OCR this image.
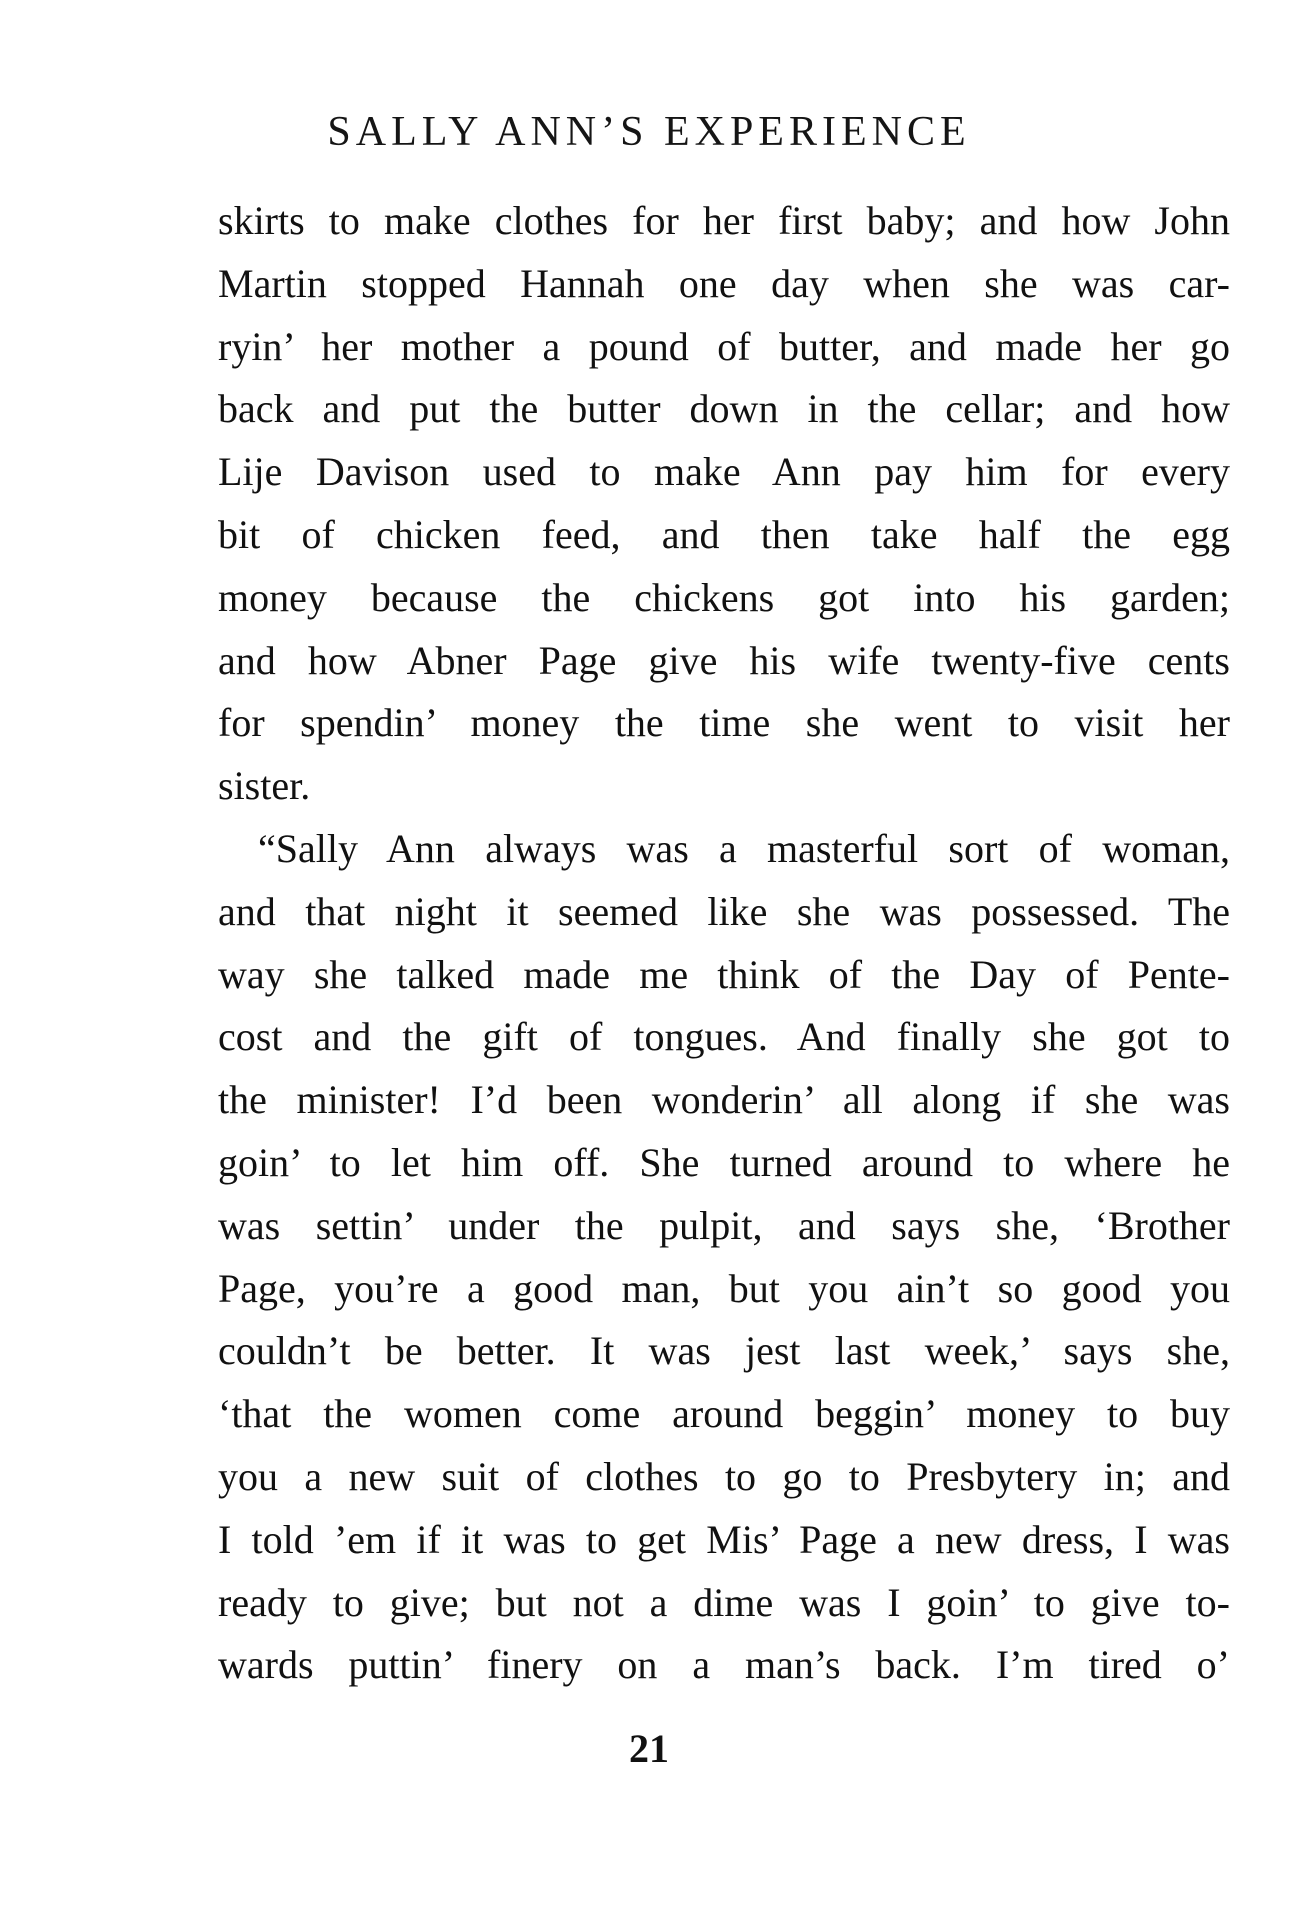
SALLY ANN’S EXPERIENCE
skirts to make clothes for her first baby; and how John
Martin stopped Hannah one day when she was car-
ryin’ her mother a pound of butter, and made her go
back and put the butter down in the cellar; and how
Lije Davison used to make Ann pay him for every
bit of chicken feed, and then take half the egg
money because the chickens got into his garden;
and how Abner Page give his wife twenty-five cents
for spendin’ money the time she went to visit her
sister.
“Sally Ann always was a masterful sort of woman,
and that night it seemed like she was possessed. The
way she talked made me think of the Day of Pente-
cost and the gift of tongues. And finally she got to
the minister! I’d been wonderin’ all along if she was
goin’ to let him off. She turned around to where he
was settin’ under the pulpit, and says she, ‘Brother
Page, you’re a good man, but you ain’t so good you
couldn’t be better. It was jest last week,’ says she,
‘that the women come around beggin’ money to buy
you a new suit of clothes to go to Presbytery in; and
I told ’em if it was to get Mis’ Page a new dress, I was
ready to give; but not a dime was I goin’ to give to-
wards puttin’ finery on a man’s back. I’m tired o’
21
